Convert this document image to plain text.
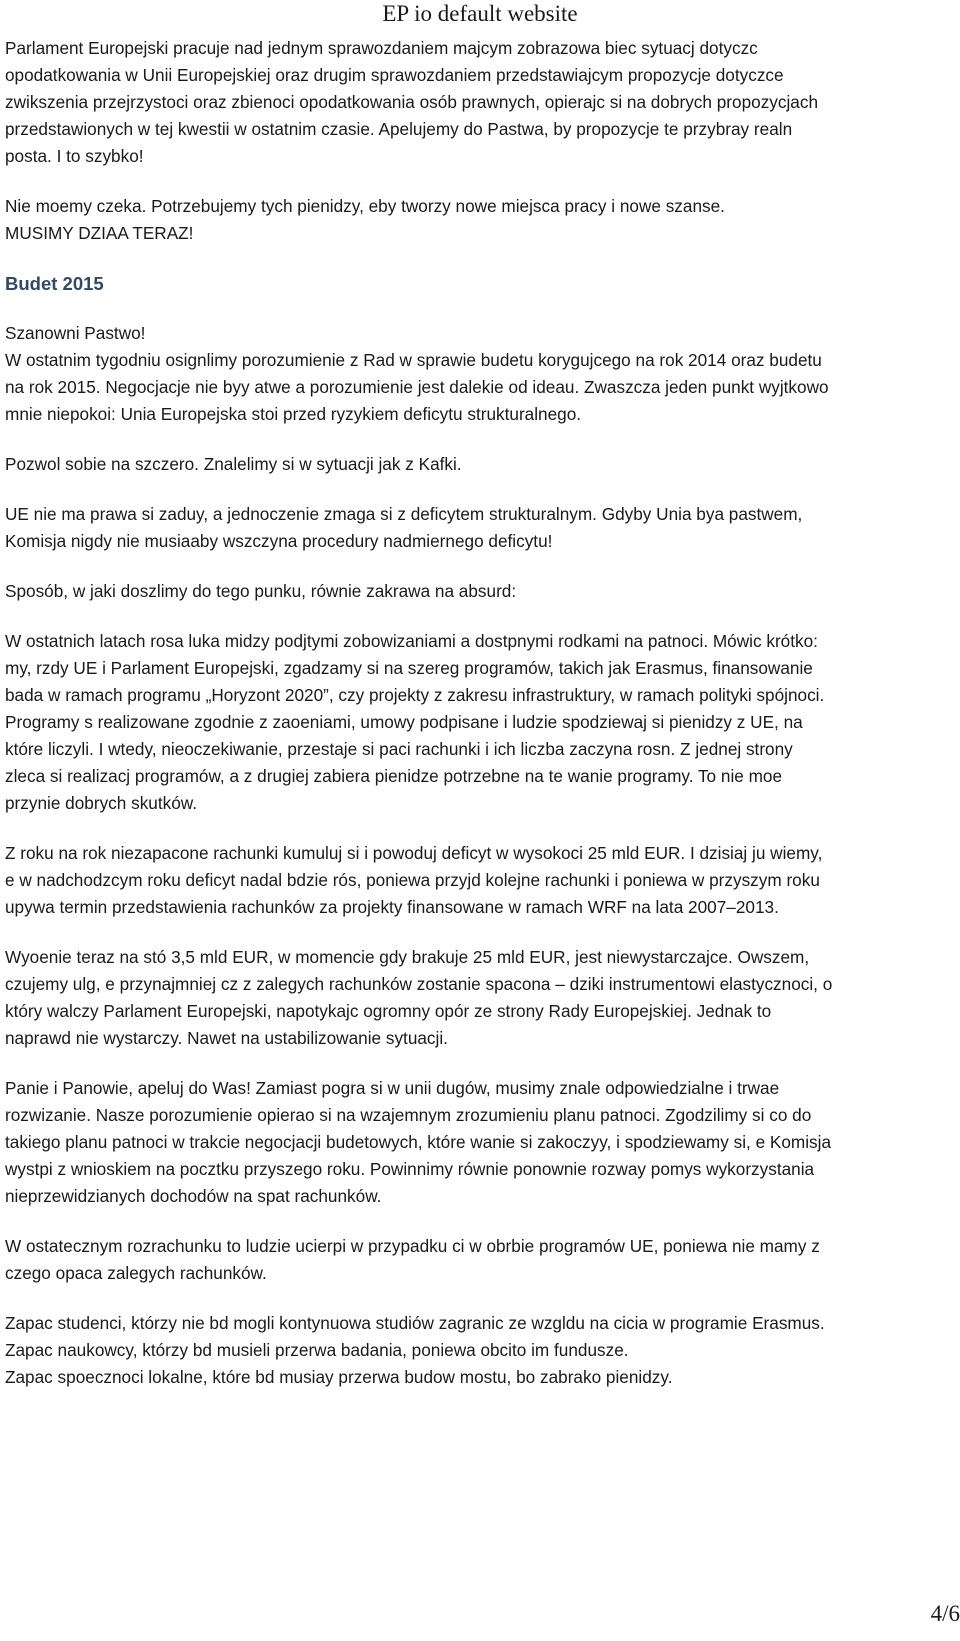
EP io default website

Parlament Europejski pracuje nad jednym sprawozdaniem majcym zobrazowa biec sytuacj dotyczc opodatkowania w Unii Europejskiej oraz drugim sprawozdaniem przedstawiajcym propozycje dotyczce zwikszenia przejrzystoci oraz zbienoci opodatkowania osób prawnych, opierajc si na dobrych propozycjach przedstawionych w tej kwestii w ostatnim czasie. Apelujemy do Pastwa, by propozycje te przybray realn posta. I to szybko!

Nie moemy czeka. Potrzebujemy tych pienidzy, eby tworzy nowe miejsca pracy i nowe szanse.
MUSIMY DZIAA TERAZ!

Budet 2015

Szanowni Pastwo!
W ostatnim tygodniu osignlimy porozumienie z Rad w sprawie budetu korygujcego na rok 2014 oraz budetu na rok 2015. Negocjacje nie byy atwe a porozumienie jest dalekie od ideau. Zwaszcza jeden punkt wyjtkowo mnie niepokoi: Unia Europejska stoi przed ryzykiem deficytu strukturalnego.

Pozwol sobie na szczero. Znalelimy si w sytuacji jak z Kafki.

UE nie ma prawa si zaduy, a jednoczenie zmaga si z deficytem strukturalnym. Gdyby Unia bya pastwem, Komisja nigdy nie musiaaby wszczyna procedury nadmiernego deficytu!

Sposób, w jaki doszlimy do tego punku, równie zakrawa na absurd:

W ostatnich latach rosa luka midzy podjtymi zobowizaniami a dostpnymi rodkami na patnoci. Mówic krótko: my, rzdy UE i Parlament Europejski, zgadzamy si na szereg programów, takich jak Erasmus, finansowanie bada w ramach programu „Horyzont 2020”, czy projekty z zakresu infrastruktury, w ramach polityki spójnoci. Programy s realizowane zgodnie z zaoeniami, umowy podpisane i ludzie spodziewaj si pienidzy z UE, na które liczyli. I wtedy, nieoczekiwanie, przestaje si paci rachunki i ich liczba zaczyna rosn. Z jednej strony zleca si realizacj programów, a z drugiej zabiera pienidze potrzebne na te wanie programy. To nie moe przynie dobrych skutków.

Z roku na rok niezapacone rachunki kumuluj si i powoduj deficyt w wysokoci 25 mld EUR. I dzisiaj ju wiemy, e w nadchodzcym roku deficyt nadal bdzie rós, poniewa przyjd kolejne rachunki i poniewa w przyszym roku upywa termin przedstawienia rachunków za projekty finansowane w ramach WRF na lata 2007–2013.

Wyoenie teraz na stó 3,5 mld EUR, w momencie gdy brakuje 25 mld EUR, jest niewystarczajce. Owszem, czujemy ulg, e przynajmniej cz z zalegych rachunków zostanie spacona – dziki instrumentowi elastycznoci, o który walczy Parlament Europejski, napotykajc ogromny opór ze strony Rady Europejskiej. Jednak to naprawd nie wystarczy. Nawet na ustabilizowanie sytuacji.

Panie i Panowie, apeluj do Was! Zamiast pogra si w unii dugów, musimy znale odpowiedzialne i trwae rozwizanie. Nasze porozumienie opierao si na wzajemnym zrozumieniu planu patnoci. Zgodzilimy si co do takiego planu patnoci w trakcie negocjacji budetowych, które wanie si zakoczyy, i spodziewamy si, e Komisja wystpi z wnioskiem na pocztku przyszego roku. Powinnimy równie ponownie rozway pomys wykorzystania nieprzewidzianych dochodów na spat rachunków.

W ostatecznym rozrachunku to ludzie ucierpi w przypadku ci w obrbie programów UE, poniewa nie mamy z czego opaca zalegych rachunków.

Zapac studenci, którzy nie bd mogli kontynuowa studiów zagranic ze wzgldu na cicia w programie Erasmus.

Zapac naukowcy, którzy bd musieli przerwa badania, poniewa obcito im fundusze.

Zapac spoecznoci lokalne, które bd musiay przerwa budow mostu, bo zabrako pienidzy.

4/6
